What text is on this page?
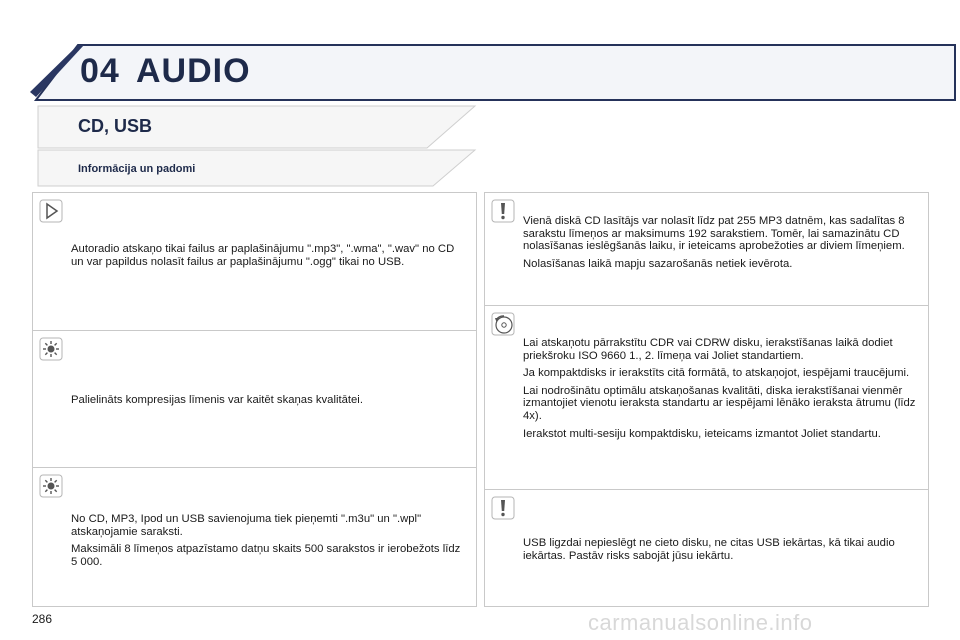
04 AUDIO
CD, USB
Informācija un padomi

Autoradio atskaņo tikai failus ar paplašinājumu ".mp3", ".wma", ".wav" no CD un var papildus nolasīt failus ar paplašinājumu ".ogg" tikai no USB.

Palielināts kompresijas līmenis var kaitēt skaņas kvalitātei.

No CD, MP3, Ipod un USB savienojuma tiek pieņemti ".m3u" un ".wpl" atskaņojamie saraksti.

Maksimāli 8 līmeņos atpazīstamo datņu skaits 500 sarakstos ir ierobežots līdz 5 000.

Vienā diskā CD lasītājs var nolasīt līdz pat 255 MP3 datnēm, kas sadalītas 8 sarakstu līmeņos ar maksimums 192 sarakstiem. Tomēr, lai samazinātu CD nolasīšanas ieslēgšanās laiku, ir ieteicams aprobežoties ar diviem līmeņiem.

Nolasīšanas laikā mapju sazarošanās netiek ievērota.

Lai atskaņotu pārrakstītu CDR vai CDRW disku, ierakstīšanas laikā dodiet priekšroku ISO 9660 1., 2. līmeņa vai Joliet standartiem.

Ja kompaktdisks ir ierakstīts citā formātā, to atskaņojot, iespējami traucējumi.

Lai nodrošinātu optimālu atskaņošanas kvalitāti, diska ierakstīšanai vienmēr izmantojiet vienotu ieraksta standartu ar iespējami lēnāko ieraksta ātrumu (līdz 4x).

Ierakstot multi-sesiju kompaktdisku, ieteicams izmantot Joliet standartu.

USB ligzdai nepieslēgt ne cieto disku, ne citas USB iekārtas, kā tikai audio iekārtas. Pastāv risks sabojāt jūsu iekārtu.

286	carmanualsonline.info
